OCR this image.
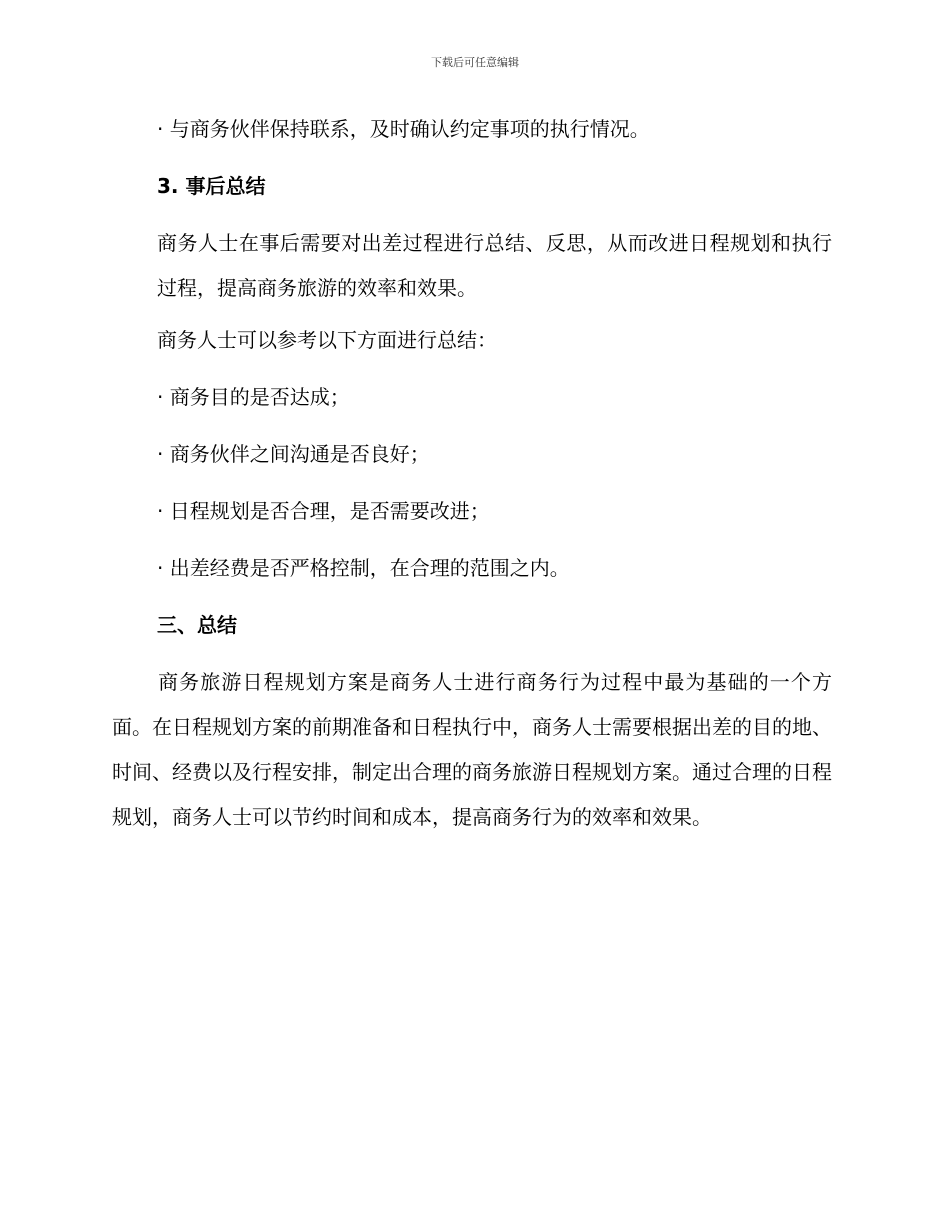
下载后可任意编辑
· 与商务伙伴保持联系，及时确认约定事项的执行情况。
3. 事后总结

商务人士在事后需要对出差过程进行总结、反思，从而改进日程规划和执行过程，提高商务旅游的效率和效果。

商务人士可以参考以下方面进行总结：
· 商务目的是否达成；
· 商务伙伴之间沟通是否良好；
· 日程规划是否合理，是否需要改进；
· 出差经费是否严格控制，在合理的范围之内。
三、总结

商务旅游日程规划方案是商务人士进行商务行为过程中最为基础的一个方面。在日程规划方案的前期准备和日程执行中，商务人士需要根据出差的目的地、时间、经费以及行程安排，制定出合理的商务旅游日程规划方案。通过合理的日程规划，商务人士可以节约时间和成本，提高商务行为的效率和效果。
